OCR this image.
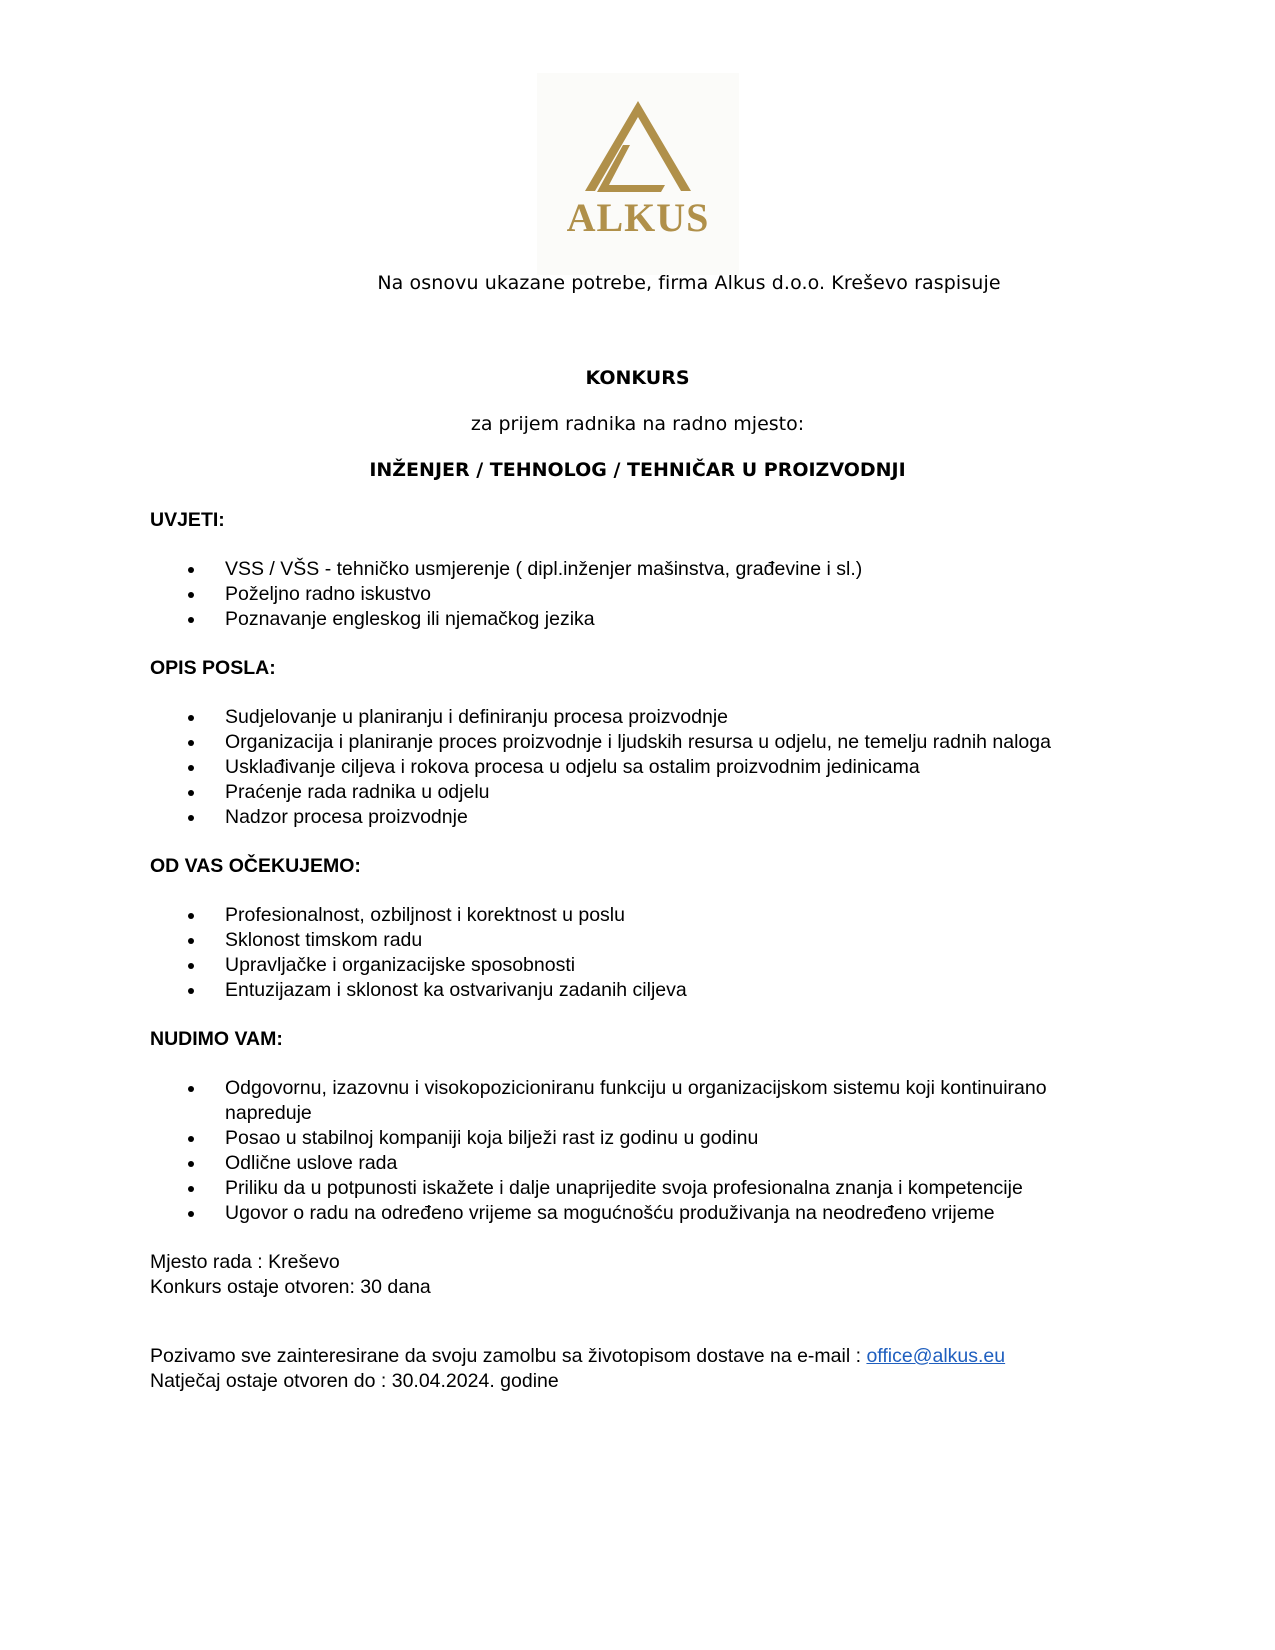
ALKUS
Na osnovu ukazane potrebe, firma Alkus d.o.o. Kreševo raspisuje
KONKURS
za prijem radnika na radno mjesto:
INŽENJER / TEHNOLOG / TEHNIČAR U PROIZVODNJI

UVJETI:

VSS / VŠS - tehničko usmjerenje ( dipl.inženjer mašinstva, građevine i sl.)
Poželjno radno iskustvo
Poznavanje engleskog ili njemačkog jezika

OPIS POSLA:

Sudjelovanje u planiranju i definiranju procesa proizvodnje
Organizacija i planiranje proces proizvodnje i ljudskih resursa u odjelu, ne temelju radnih naloga
Usklađivanje ciljeva i rokova procesa u odjelu sa ostalim proizvodnim jedinicama
Praćenje rada radnika u odjelu
Nadzor procesa proizvodnje

OD VAS OČEKUJEMO:

Profesionalnost, ozbiljnost i korektnost u poslu
Sklonost timskom radu
Upravljačke i organizacijske sposobnosti
Entuzijazam i sklonost ka ostvarivanju zadanih ciljeva

NUDIMO VAM:

Odgovornu, izazovnu i visokopozicioniranu funkciju u organizacijskom sistemu koji kontinuirano napreduje
Posao u stabilnoj kompaniji koja bilježi rast iz godinu u godinu
Odlične uslove rada
Priliku da u potpunosti iskažete i dalje unaprijedite svoja profesionalna znanja i kompetencije
Ugovor o radu na određeno vrijeme sa mogućnošću produživanja na neodređeno vrijeme

Mjesto rada : Kreševo

Konkurs ostaje otvoren: 30 dana

Pozivamo sve zainteresirane da svoju zamolbu sa životopisom dostave na e-mail : office@alkus.eu

Natječaj ostaje otvoren do : 30.04.2024. godine
